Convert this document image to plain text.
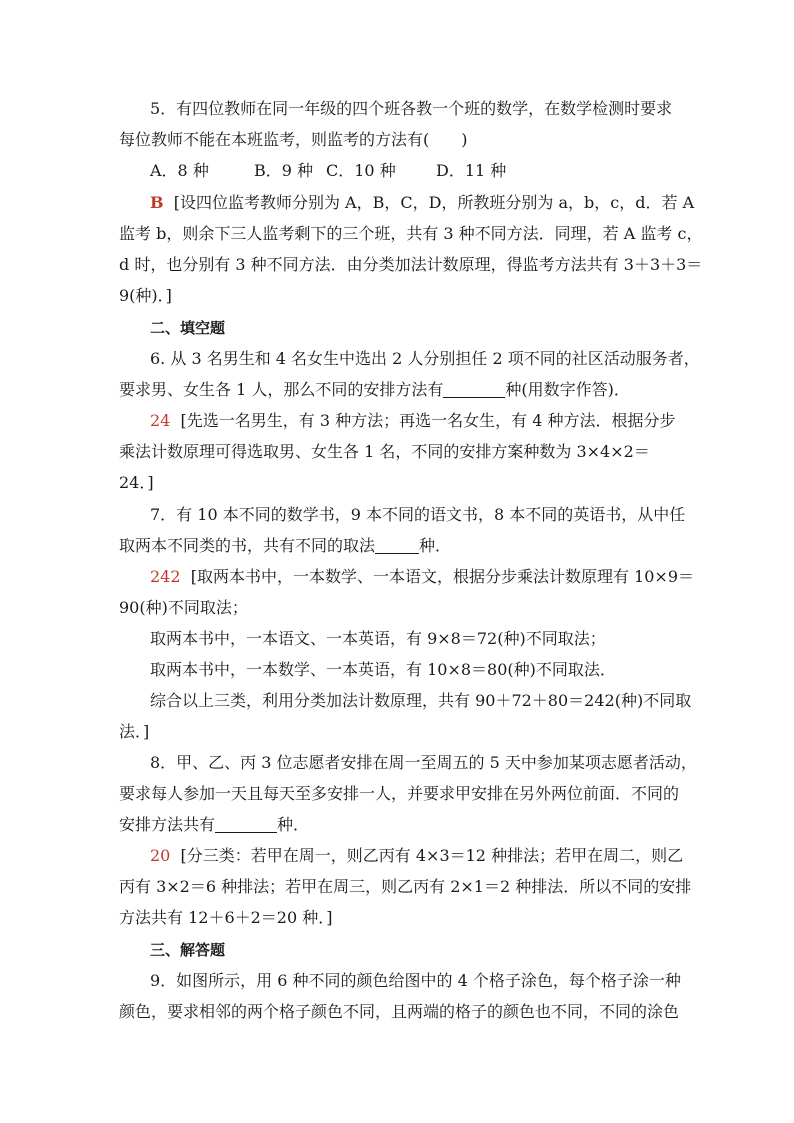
5．有四位教师在同一年级的四个班各教一个班的数学，在数学检测时要求
每位教师不能在本班监考，则监考的方法有(　　)
A．8 种	B．9 种 C．10 种	D．11 种
B [设四位监考教师分别为 A，B，C，D，所教班分别为 a，b，c，d．若 A
监考 b，则余下三人监考剩下的三个班，共有 3 种不同方法．同理，若 A 监考 c，
d 时，也分别有 3 种不同方法．由分类加法计数原理，得监考方法共有 3＋3＋3＝
9(种)．]
二、填空题
6. 从 3 名男生和 4 名女生中选出 2 人分别担任 2 项不同的社区活动服务者，
要求男、女生各 1 人，那么不同的安排方法有	种(用数字作答)．
24 [先选一名男生，有 3 种方法；再选一名女生，有 4 种方法．根据分步
乘法计数原理可得选取男、女生各 1 名，不同的安排方案种数为 3×4×2＝
24．]
7．有 10 本不同的数学书，9 本不同的语文书，8 本不同的英语书，从中任
取两本不同类的书，共有不同的取法	种．
242 [取两本书中，一本数学、一本语文，根据分步乘法计数原理有 10×9＝
90(种)不同取法；
取两本书中，一本语文、一本英语，有 9×8＝72(种)不同取法；
取两本书中，一本数学、一本英语，有 10×8＝80(种)不同取法．
综合以上三类，利用分类加法计数原理，共有 90＋72＋80＝242(种)不同取
法．]
8．甲、乙、丙 3 位志愿者安排在周一至周五的 5 天中参加某项志愿者活动，
要求每人参加一天且每天至多安排一人，并要求甲安排在另外两位前面．不同的
安排方法共有	种．
20 [分三类：若甲在周一，则乙丙有 4×3＝12 种排法；若甲在周二，则乙
丙有 3×2＝6 种排法；若甲在周三，则乙丙有 2×1＝2 种排法．所以不同的安排
方法共有 12＋6＋2＝20 种．]
三、解答题
9．如图所示，用 6 种不同的颜色给图中的 4 个格子涂色，每个格子涂一种
颜色，要求相邻的两个格子颜色不同，且两端的格子的颜色也不同，不同的涂色
